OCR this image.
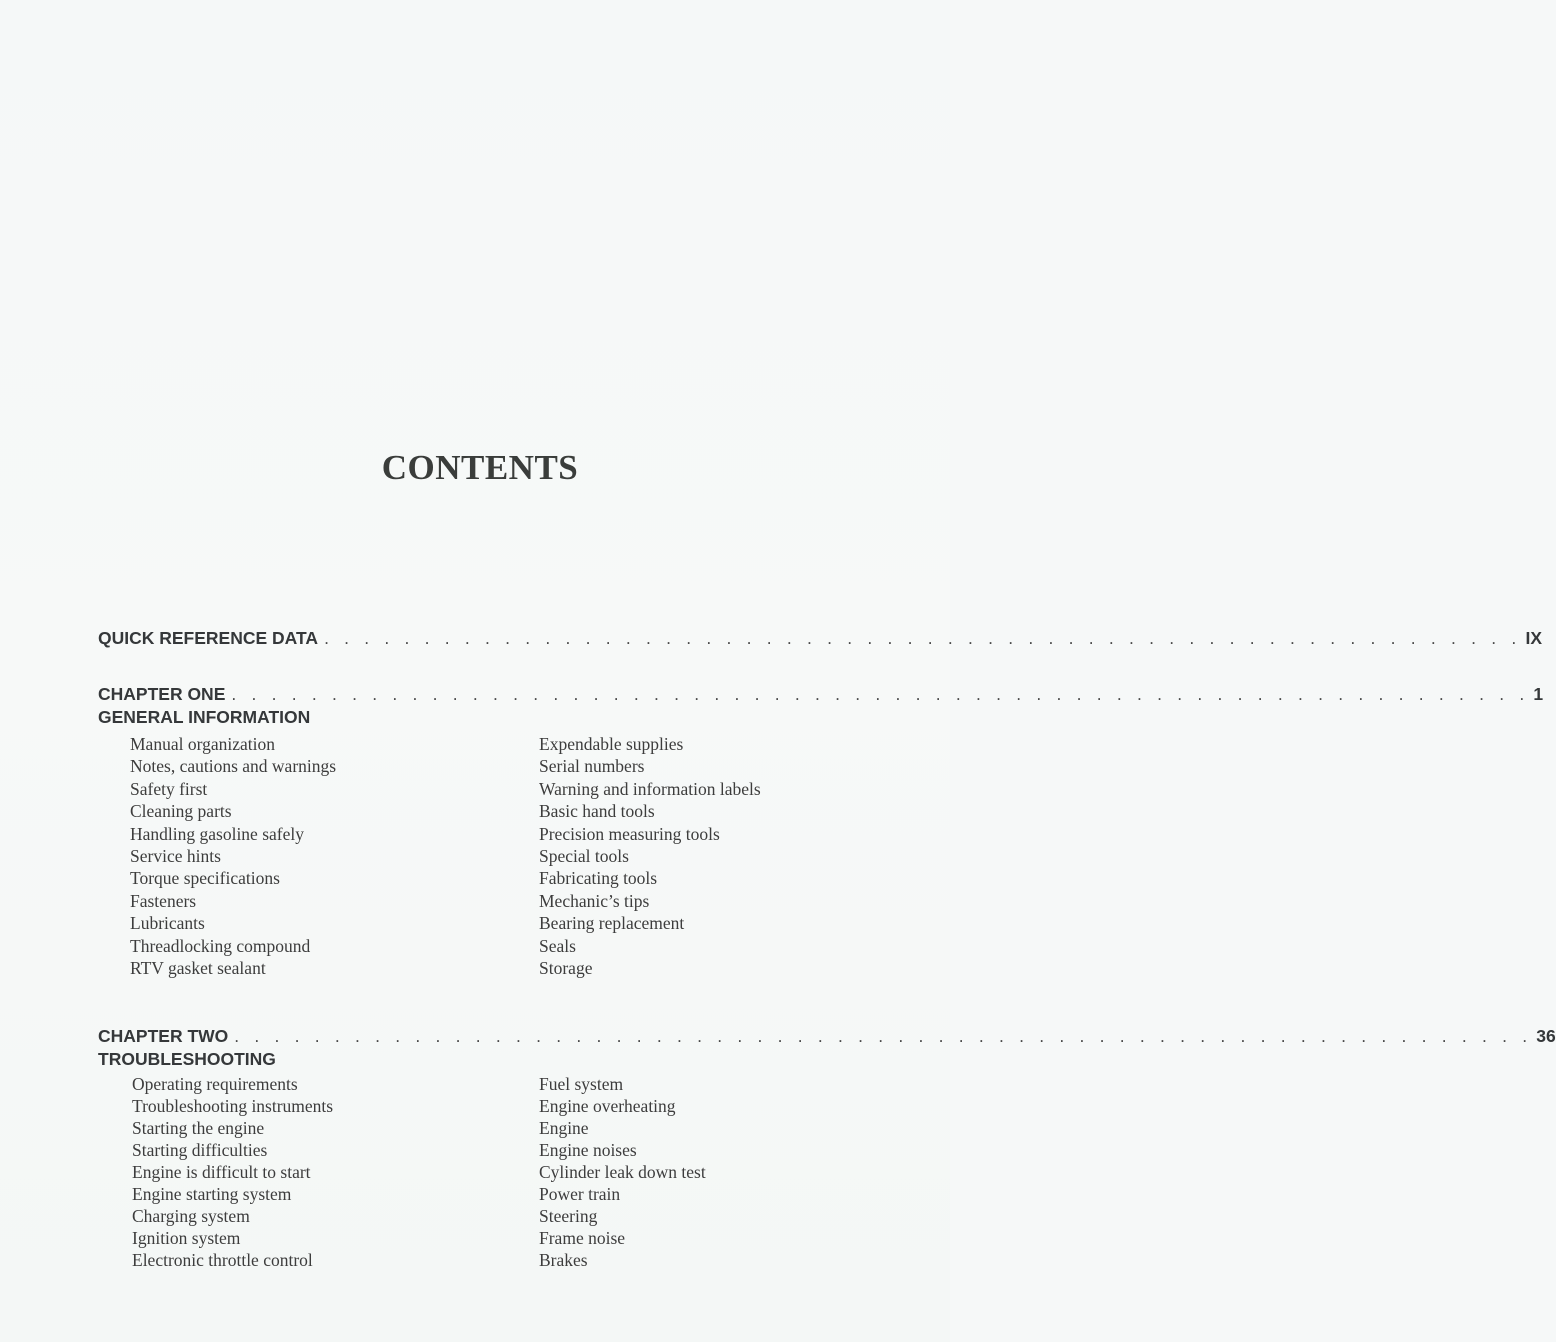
CONTENTS
QUICK REFERENCE DATA . . . . . . . . . . . . . . . . . . . . . . . . . . . . . . . . . . . . . . . . . . . . . . . . . . . . . . . . . . . . IX
CHAPTER ONE . . . . . . . . . . . . . . . . . . . . . . . . . . . . . . . . . . . . . . . . . . . . . . . . . . . . . . . . . . . . . . . . . 1
GENERAL INFORMATION
Manual organization
Notes, cautions and warnings
Safety first
Cleaning parts
Handling gasoline safely
Service hints
Torque specifications
Fasteners
Lubricants
Threadlocking compound
RTV gasket sealant
Expendable supplies
Serial numbers
Warning and information labels
Basic hand tools
Precision measuring tools
Special tools
Fabricating tools
Mechanic’s tips
Bearing replacement
Seals
Storage
CHAPTER TWO . . . . . . . . . . . . . . . . . . . . . . . . . . . . . . . . . . . . . . . . . . . . . . . . . . . . . . . . . . . . . . . . . 36
TROUBLESHOOTING
Operating requirements
Troubleshooting instruments
Starting the engine
Starting difficulties
Engine is difficult to start
Engine starting system
Charging system
Ignition system
Electronic throttle control
Fuel system
Engine overheating
Engine
Engine noises
Cylinder leak down test
Power train
Steering
Frame noise
Brakes
